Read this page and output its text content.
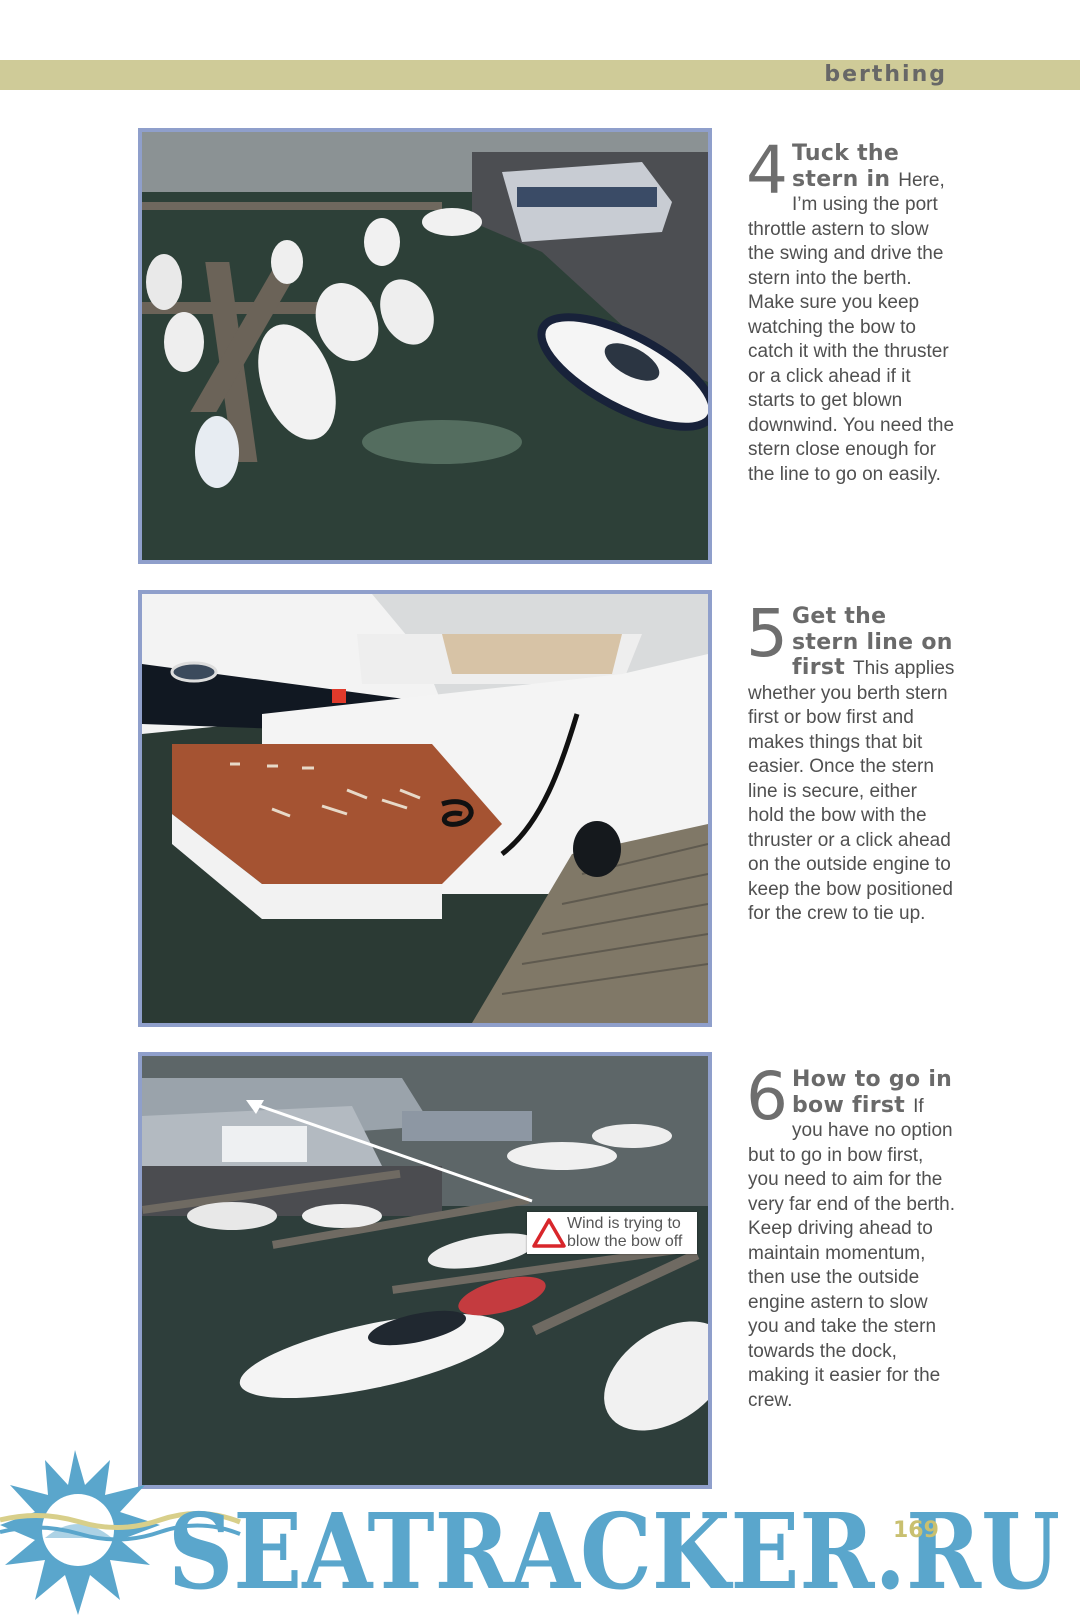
berthing
Wind is trying to
blow the bow off
4 Tuck the stern in Here, I’m using the port throttle astern to slow the swing and drive the stern into the berth. Make sure you keep watching the bow to catch it with the thruster or a click ahead if it starts to get blown downwind. You need the stern close enough for the line to go on easily.
5 Get the stern line on first This applies whether you berth stern first or bow first and makes things that bit easier. Once the stern line is secure, either hold the bow with the thruster or a click ahead on the outside engine to keep the bow positioned for the crew to tie up.
6 How to go in bow first If you have no option but to go in bow first, you need to aim for the very far end of the berth. Keep driving ahead to maintain momentum, then use the outside engine astern to slow you and take the stern towards the dock, making it easier for the crew.
SEATRACKER.RU
169
